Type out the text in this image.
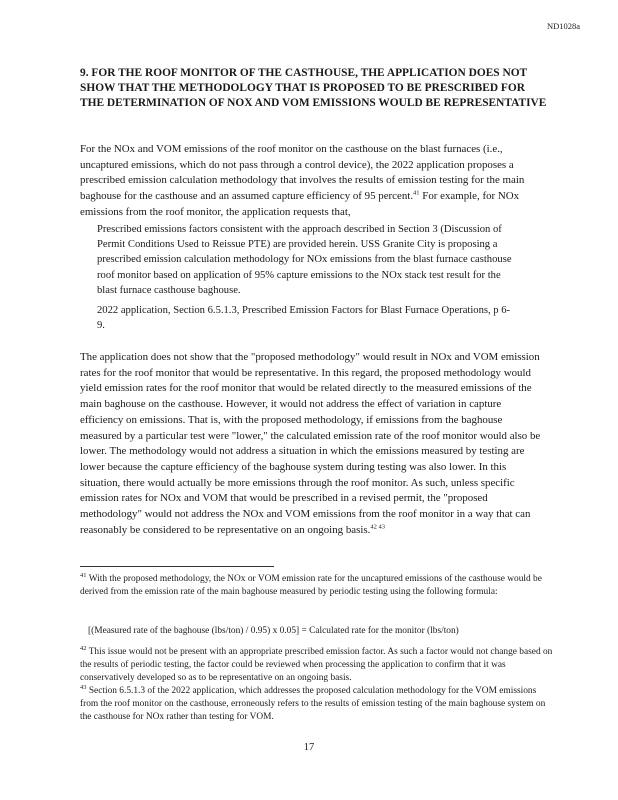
ND1028a
9. FOR THE ROOF MONITOR OF THE CASTHOUSE, THE APPLICATION DOES NOT SHOW THAT THE METHODOLOGY THAT IS PROPOSED TO BE PRESCRIBED FOR THE DETERMINATION OF NOX AND VOM EMISSIONS WOULD BE REPRESENTATIVE

For the NOx and VOM emissions of the roof monitor on the casthouse on the blast furnaces (i.e., uncaptured emissions, which do not pass through a control device), the 2022 application proposes a prescribed emission calculation methodology that involves the results of emission testing for the main baghouse for the casthouse and an assumed capture efficiency of 95 percent.$^{41}$ For example, for NOx emissions from the roof monitor, the application requests that,

Prescribed emissions factors consistent with the approach described in Section 3 (Discussion of Permit Conditions Used to Reissue PTE) are provided herein. USS Granite City is proposing a prescribed emission calculation methodology for NOx emissions from the blast furnace casthouse roof monitor based on application of 95% capture emissions to the NOx stack test result for the blast furnace casthouse baghouse.

2022 application, Section 6.5.1.3, Prescribed Emission Factors for Blast Furnace Operations, p 6-9.

The application does not show that the "proposed methodology" would result in NOx and VOM emission rates for the roof monitor that would be representative. In this regard, the proposed methodology would yield emission rates for the roof monitor that would be related directly to the measured emissions of the main baghouse on the casthouse. However, it would not address the effect of variation in capture efficiency on emissions. That is, with the proposed methodology, if emissions from the baghouse measured by a particular test were "lower," the calculated emission rate of the roof monitor would also be lower. The methodology would not address a situation in which the emissions measured by testing are lower because the capture efficiency of the baghouse system during testing was also lower. In this situation, there would actually be more emissions through the roof monitor. As such, unless specific emission rates for NOx and VOM that would be prescribed in a revised permit, the "proposed methodology" would not address the NOx and VOM emissions from the roof monitor in a way that can reasonably be considered to be representative on an ongoing basis.$^{42 43}$

$^{41}$ With the proposed methodology, the NOx or VOM emission rate for the uncaptured emissions of the casthouse would be derived from the emission rate of the main baghouse measured by periodic testing using the following formula:

[(Measured rate of the baghouse (lbs/ton) / 0.95) x 0.05] = Calculated rate for the monitor (lbs/ton)

$^{42}$ This issue would not be present with an appropriate prescribed emission factor. As such a factor would not change based on the results of periodic testing, the factor could be reviewed when processing the application to confirm that it was conservatively developed so as to be representative on an ongoing basis.

$^{43}$ Section 6.5.1.3 of the 2022 application, which addresses the proposed calculation methodology for the VOM emissions from the roof monitor on the casthouse, erroneously refers to the results of emission testing of the main baghouse system on the casthouse for NOx rather than testing for VOM.

17
